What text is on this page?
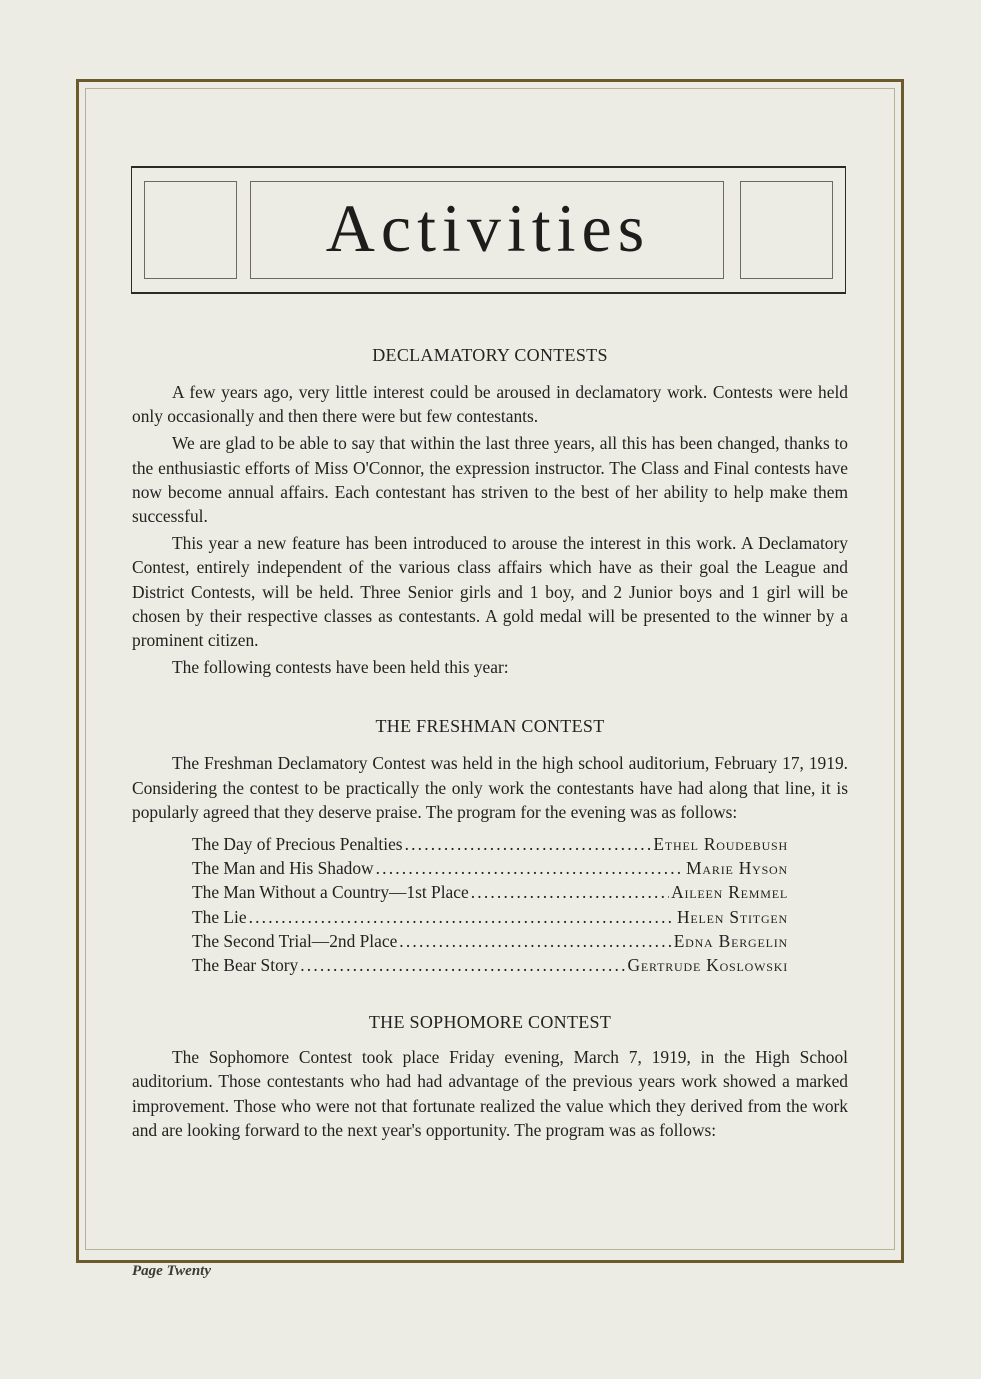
Activities
DECLAMATORY CONTESTS

A few years ago, very little interest could be aroused in declamatory work. Contests were held only occasionally and then there were but few contestants.

We are glad to be able to say that within the last three years, all this has been changed, thanks to the enthusiastic efforts of Miss O'Connor, the expression instructor. The Class and Final contests have now become annual affairs. Each contestant has striven to the best of her ability to help make them successful.

This year a new feature has been introduced to arouse the interest in this work. A Declamatory Contest, entirely independent of the various class affairs which have as their goal the League and District Contests, will be held. Three Senior girls and 1 boy, and 2 Junior boys and 1 girl will be chosen by their respective classes as contestants. A gold medal will be presented to the winner by a prominent citizen.

The following contests have been held this year:

THE FRESHMAN CONTEST

The Freshman Declamatory Contest was held in the high school auditorium, February 17, 1919. Considering the contest to be practically the only work the contestants have had along that line, it is popularly agreed that they deserve praise. The program for the evening was as follows:

The Day of Precious Penalties .....	Ethel Roudebush
The Man and His Shadow .....	Marie Hyson
The Man Without a Country—1st Place .....	Aileen Remmel
The Lie .....	Helen Stitgen
The Second Trial—2nd Place .....	Edna Bergelin
The Bear Story .....	Gertrude Koslowski
THE SOPHOMORE CONTEST

The Sophomore Contest took place Friday evening, March 7, 1919, in the High School auditorium. Those contestants who had had advantage of the previous years work showed a marked improvement. Those who were not that fortunate realized the value which they derived from the work and are looking forward to the next year's opportunity. The program was as follows:

Page Twenty
